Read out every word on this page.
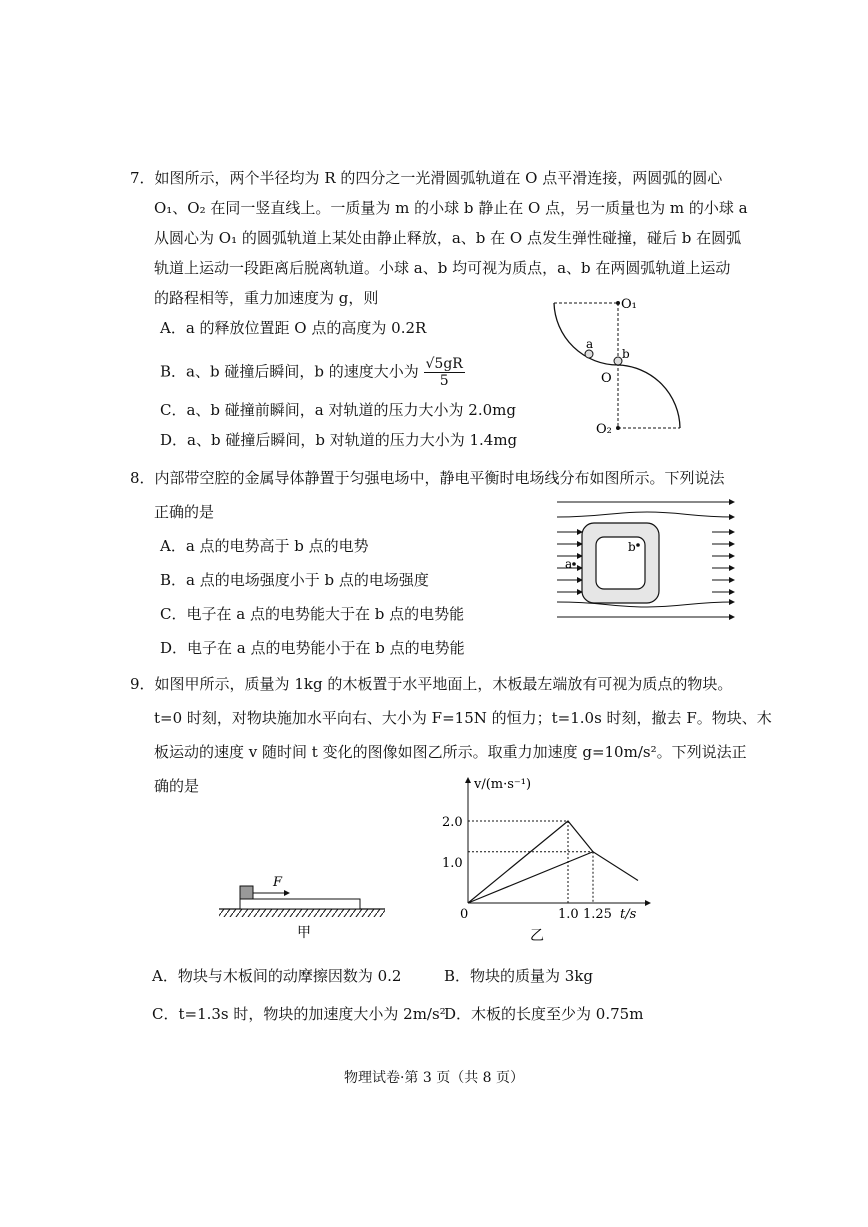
7．如图所示，两个半径均为 R 的四分之一光滑圆弧轨道在 O 点平滑连接，两圆弧的圆心
O₁、O₂ 在同一竖直线上。一质量为 m 的小球 b 静止在 O 点，另一质量也为 m 的小球 a
从圆心为 O₁ 的圆弧轨道上某处由静止释放，a、b 在 O 点发生弹性碰撞，碰后 b 在圆弧
轨道上运动一段距离后脱离轨道。小球 a、b 均可视为质点，a、b 在两圆弧轨道上运动
的路程相等，重力加速度为 g，则
A．a 的释放位置距 O 点的高度为 0.2R
B．a、b 碰撞后瞬间，b 的速度大小为 $\frac{√5gR}{5}$
C．a、b 碰撞前瞬间，a 对轨道的压力大小为 2.0mg
D．a、b 碰撞后瞬间，b 对轨道的压力大小为 1.4mg
O₁
O₂
O
a
b
8．内部带空腔的金属导体静置于匀强电场中，静电平衡时电场线分布如图所示。下列说法
正确的是
A．a 点的电势高于 b 点的电势
B．a 点的电场强度小于 b 点的电场强度
C．电子在 a 点的电势能大于在 b 点的电势能
D．电子在 a 点的电势能小于在 b 点的电势能
b
a
9．如图甲所示，质量为 1kg 的木板置于水平地面上，木板最左端放有可视为质点的物块。
t=0 时刻，对物块施加水平向右、大小为 F=15N 的恒力；t=1.0s 时刻，撤去 F。物块、木
板运动的速度 v 随时间 t 变化的图像如图乙所示。取重力加速度 g=10m/s²。下列说法正
确的是
F
甲
v/(m·s⁻¹)
t/s
0	1.0 1.25
1.0
2.0
乙
A．物块与木板间的动摩擦因数为 0.2	B．物块的质量为 3kg
C．t=1.3s 时，物块的加速度大小为 2m/s²
D．木板的长度至少为 0.75m
物理试卷·第 3 页（共 8 页）
